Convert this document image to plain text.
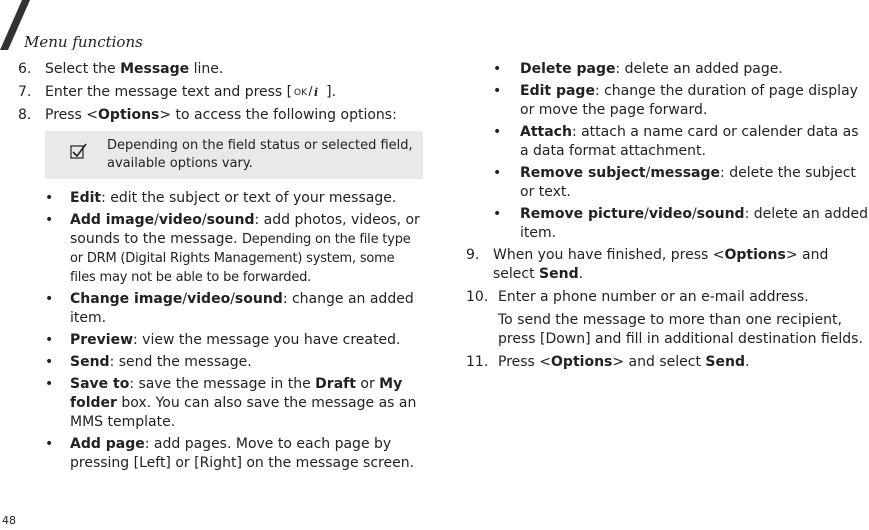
Menu functions
6. Select the Message line.
7. Enter the message text and press [ OK i ].
8. Press <Options> to access the following options:
Depending on the field status or selected field, available options vary.
• Edit: edit the subject or text of your message.
• Add image/video/sound: add photos, videos, or sounds to the message. Depending on the file type or DRM (Digital Rights Management) system, some files may not be able to be forwarded.
• Change image/video/sound: change an added item.
• Preview: view the message you have created.
• Send: send the message.
• Save to: save the message in the Draft or My folder box. You can also save the message as an MMS template.
• Add page: add pages. Move to each page by pressing [Left] or [Right] on the message screen.
• Delete page: delete an added page.
• Edit page: change the duration of page display or move the page forward.
• Attach: attach a name card or calender data as a data format attachment.
• Remove subject/message: delete the subject or text.
• Remove picture/video/sound: delete an added item.
9. When you have finished, press <Options> and select Send.
10. Enter a phone number or an e-mail address.
To send the message to more than one recipient, press [Down] and fill in additional destination fields.
11. Press <Options> and select Send.
48
